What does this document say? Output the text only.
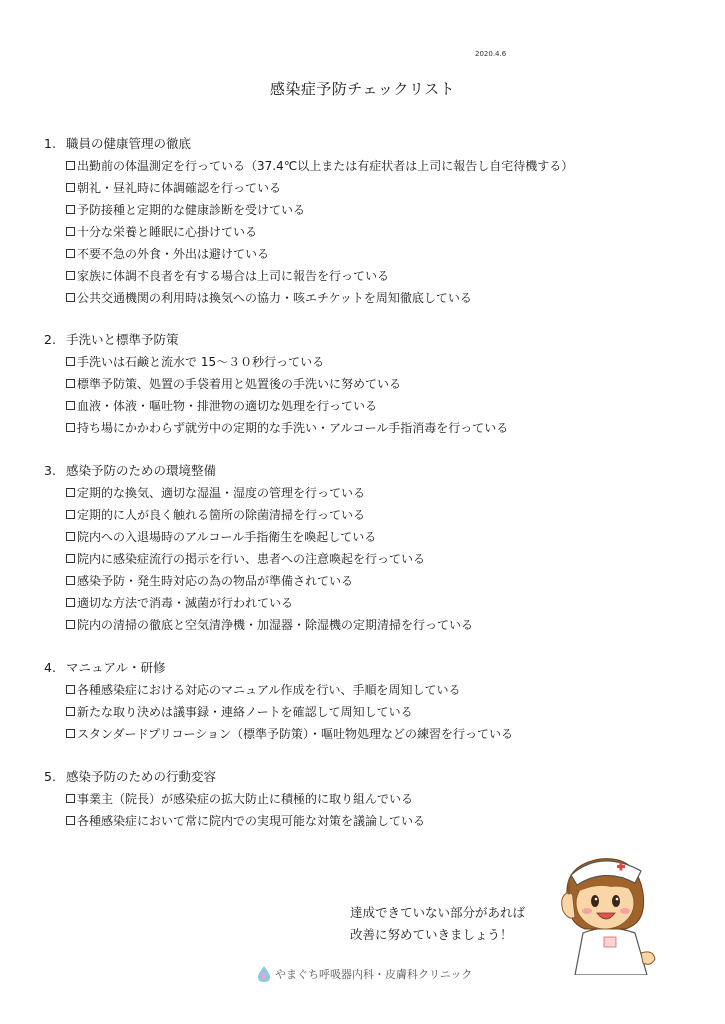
2020.4.6
感染症予防チェックリスト
1. 職員の健康管理の徹底
出勤前の体温測定を行っている（37.4℃以上または有症状者は上司に報告し自宅待機する）
朝礼・昼礼時に体調確認を行っている
予防接種と定期的な健康診断を受けている
十分な栄養と睡眠に心掛けている
不要不急の外食・外出は避けている
家族に体調不良者を有する場合は上司に報告を行っている
公共交通機関の利用時は換気への協力・咳エチケットを周知徹底している
2. 手洗いと標準予防策
手洗いは石鹸と流水で 15～３０秒行っている
標準予防策、処置の手袋着用と処置後の手洗いに努めている
血液・体液・嘔吐物・排泄物の適切な処理を行っている
持ち場にかかわらず就労中の定期的な手洗い・アルコール手指消毒を行っている
3. 感染予防のための環境整備
定期的な換気、適切な湿温・湿度の管理を行っている
定期的に人が良く触れる箇所の除菌清掃を行っている
院内への入退場時のアルコール手指衛生を喚起している
院内に感染症流行の掲示を行い、患者への注意喚起を行っている
感染予防・発生時対応の為の物品が準備されている
適切な方法で消毒・滅菌が行われている
院内の清掃の徹底と空気清浄機・加湿器・除湿機の定期清掃を行っている
4. マニュアル・研修
各種感染症における対応のマニュアル作成を行い、手順を周知している
新たな取り決めは議事録・連絡ノートを確認して周知している
スタンダードプリコーション（標準予防策）・嘔吐物処理などの練習を行っている
5. 感染予防のための行動変容
事業主（院長）が感染症の拡大防止に積極的に取り組んでいる
各種感染症において常に院内での実現可能な対策を議論している
達成できていない部分があれば
改善に努めていきましょう！
やまぐち呼吸器内科・皮膚科クリニック
